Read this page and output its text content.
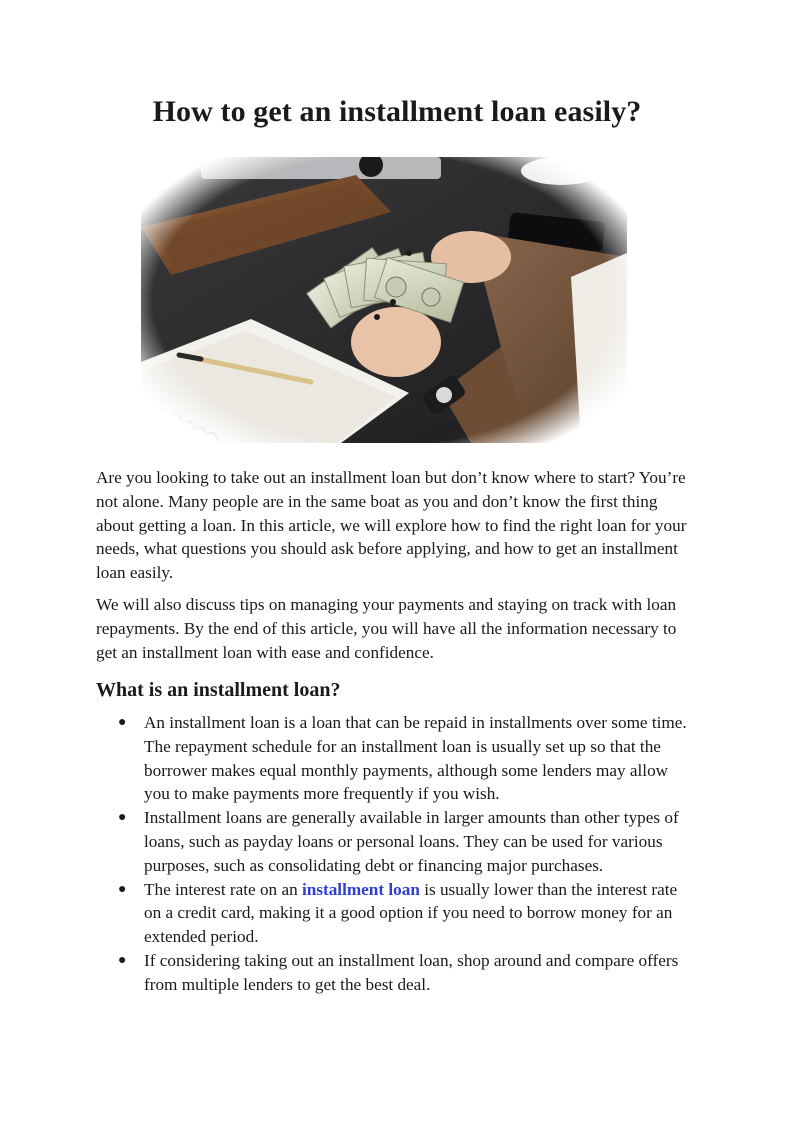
How to get an installment loan easily?

Are you looking to take out an installment loan but don’t know where to start? You’re not alone. Many people are in the same boat as you and don’t know the first thing about getting a loan. In this article, we will explore how to find the right loan for your needs, what questions you should ask before applying, and how to get an installment loan easily.

We will also discuss tips on managing your payments and staying on track with loan repayments. By the end of this article, you will have all the information necessary to get an installment loan with ease and confidence.

What is an installment loan?
● An installment loan is a loan that can be repaid in installments over some time. The repayment schedule for an installment loan is usually set up so that the borrower makes equal monthly payments, although some lenders may allow you to make payments more frequently if you wish.
● Installment loans are generally available in larger amounts than other types of loans, such as payday loans or personal loans. They can be used for various purposes, such as consolidating debt or financing major purchases.
● The interest rate on an installment loan is usually lower than the interest rate on a credit card, making it a good option if you need to borrow money for an extended period.
● If considering taking out an installment loan, shop around and compare offers from multiple lenders to get the best deal.
